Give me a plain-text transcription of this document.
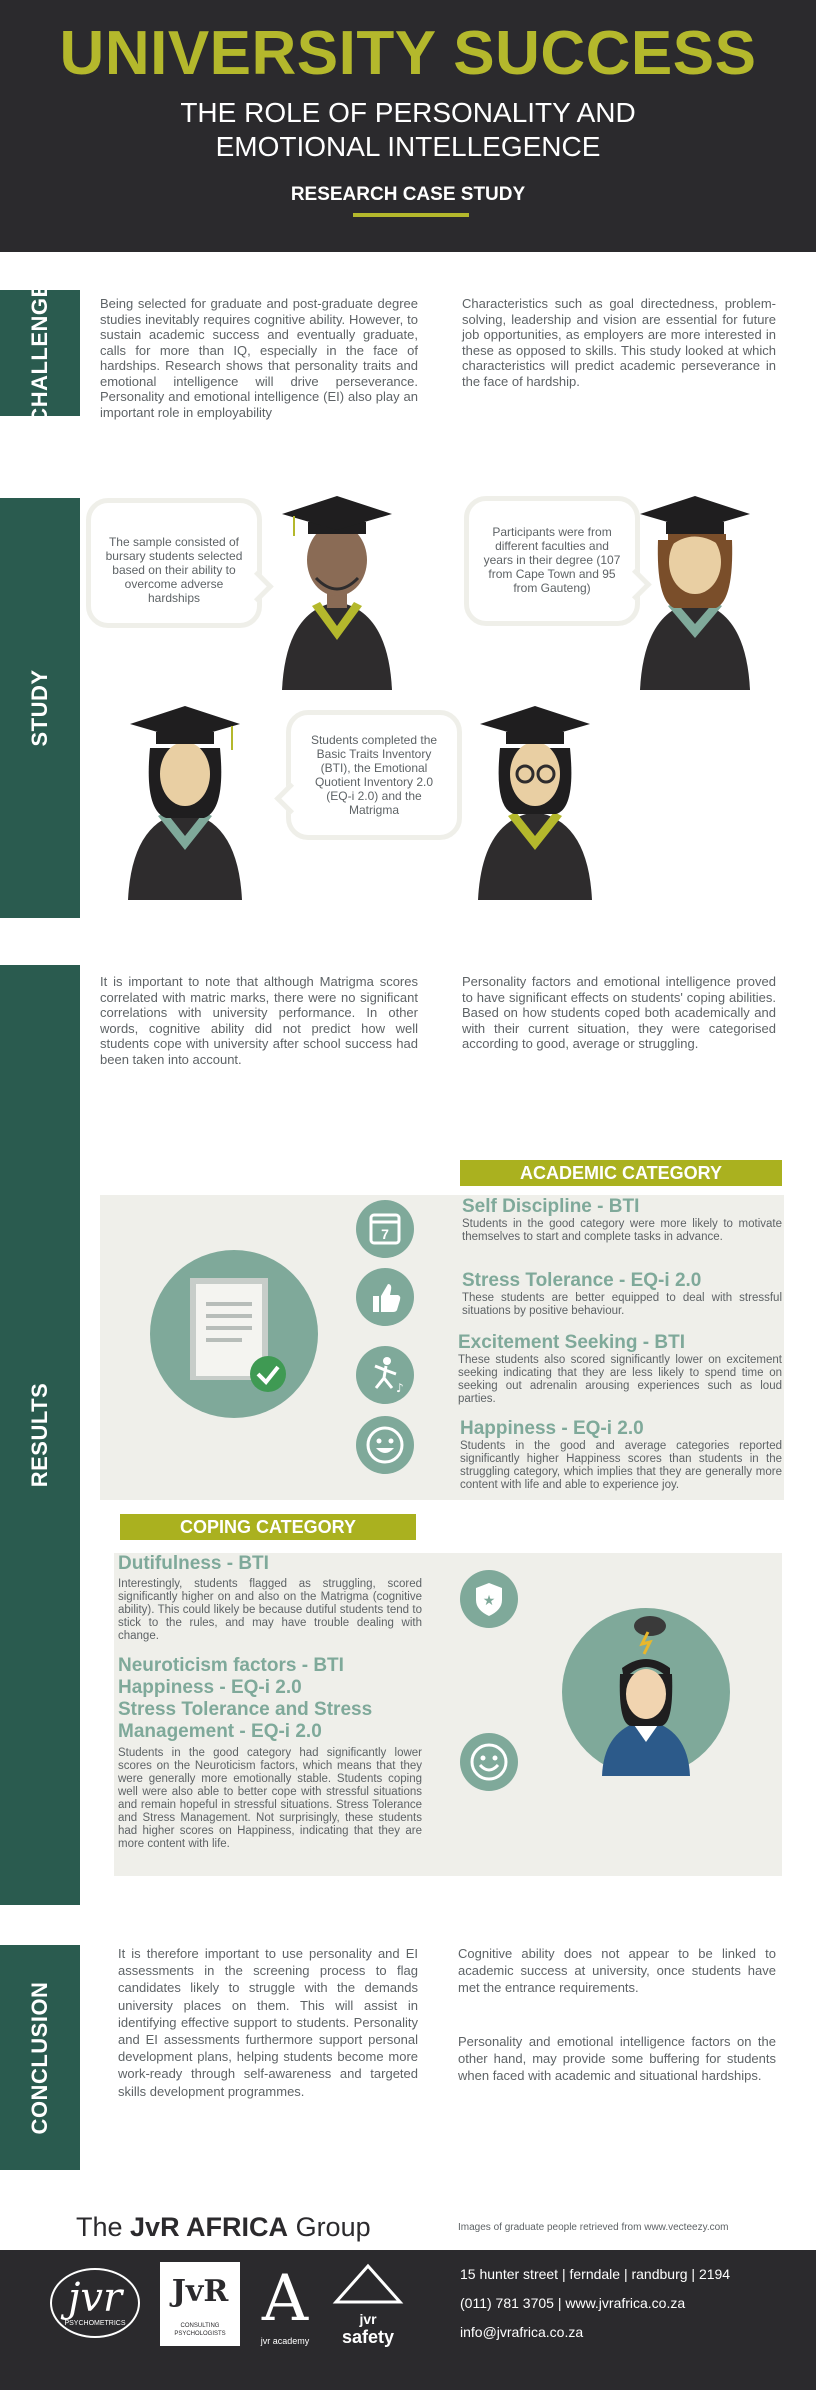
UNIVERSITY SUCCESS
THE ROLE OF PERSONALITY AND
EMOTIONAL INTELLEGENCE
RESEARCH CASE STUDY
CHALLENGE	Being selected for graduate and post-graduate degree studies inevitably requires cognitive ability. However, to sustain academic success and eventually graduate, calls for more than IQ, especially in the face of hardships. Research shows that personality traits and emotional intelligence will drive perseverance. Personality and emotional intelligence (EI) also play an important role in employability
Characteristics such as goal directedness, problem-solving, leadership and vision are essential for future job opportunities, as employers are more interested in these as opposed to skills. This study looked at which characteristics will predict academic perseverance in the face of hardship.
STUDY
The sample consisted of bursary students selected based on their ability to overcome adverse hardships
Participants were from different faculties and years in their degree (107 from Cape Town and 95 from Gauteng)
Students completed the Basic Traits Inventory (BTI), the Emotional Quotient Inventory 2.0 (EQ-i 2.0) and the Matrigma
RESULTS
It is important to note that although Matrigma scores correlated with matric marks, there were no significant correlations with university performance. In other words, cognitive ability did not predict how well students cope with university after school success had been taken into account.
Personality factors and emotional intelligence proved to have significant effects on students' coping abilities. Based on how students coped both academically and with their current situation, they were categorised according to good, average or struggling.
ACADEMIC CATEGORY
7
♪
Self Discipline - BTI
Students in the good category were more likely to motivate themselves to start and complete tasks in advance.
Stress Tolerance - EQ-i 2.0
These students are better equipped to deal with stressful situations by positive behaviour.
Excitement Seeking - BTI
These students also scored significantly lower on excitement seeking indicating that they are less likely to spend time on seeking out adrenalin arousing experiences such as loud parties.
Happiness - EQ-i 2.0
Students in the good and average categories reported significantly higher Happiness scores than students in the struggling category, which implies that they are generally more content with life and able to experience joy.
COPING CATEGORY
Dutifulness - BTI
Interestingly, students flagged as struggling, scored significantly higher on and also on the Matrigma (cognitive ability). This could likely be because dutiful students tend to stick to the rules, and may have trouble dealing with change.
Neuroticism factors - BTI
Happiness - EQ-i 2.0
Stress Tolerance and Stress
Management - EQ-i 2.0
Students in the good category had significantly lower scores on the Neuroticism factors, which means that they were generally more emotionally stable. Students coping well were also able to better cope with stressful situations and remain hopeful in stressful situations. Stress Tolerance and Stress Management. Not surprisingly, these students had higher scores on Happiness, indicating that they are more content with life.
★
CONCLUSION
It is therefore important to use personality and EI assessments in the screening process to flag candidates likely to struggle with the demands university places on them. This will assist in identifying effective support to students. Personality and EI assessments furthermore support personal development plans, helping students become more work-ready through self-awareness and targeted skills development programmes.
Cognitive ability does not appear to be linked to academic success at university, once students have met the entrance requirements.
Personality and emotional intelligence factors on the other hand, may provide some buffering for students when faced with academic and situational hardships.
The JvR AFRICA Group	Images of graduate people retrieved from www.vecteezy.com
jvr
PSYCHOMETRICS
JvR
CONSULTING PSYCHOLOGISTS A
jvr academy
jvr
safety
15 hunter street | ferndale | randburg | 2194
(011) 781 3705 | www.jvrafrica.co.za
info@jvrafrica.co.za
